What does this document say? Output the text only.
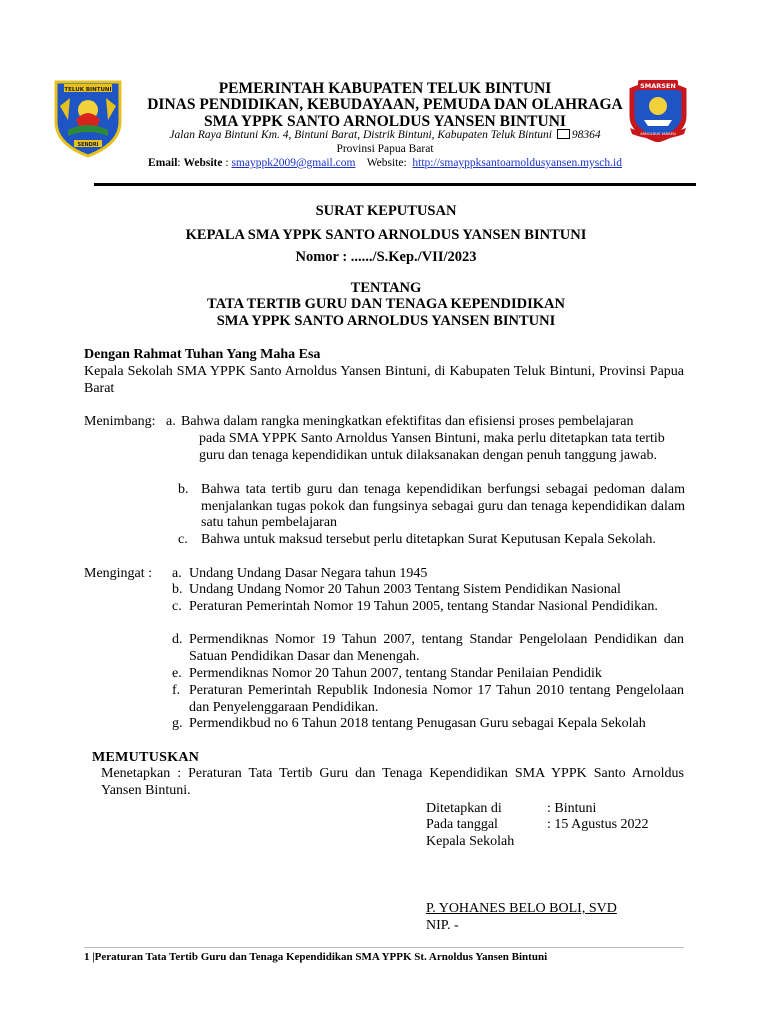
TELUK BINTUNI
SENDRI
SMARSEN
ARNOLDUS YANSEN
PEMERINTAH KABUPATEN TELUK BINTUNI
DINAS PENDIDIKAN, KEBUDAYAAN, PEMUDA DAN OLAHRAGA
SMA YPPK SANTO ARNOLDUS YANSEN BINTUNI
Jalan Raya Bintuni Km. 4, Bintuni Barat, Distrik Bintuni, Kabupaten Teluk Bintuni 98364
Provinsi Papua Barat
Email: Website : smayppk2009@gmail.com Website: http://smayppksantoarnoldusyansen.mysch.id
SURAT KEPUTUSAN
KEPALA SMA YPPK SANTO ARNOLDUS YANSEN BINTUNI
Nomor : ....../S.Kep./VII/2023
TENTANG
TATA TERTIB GURU DAN TENAGA KEPENDIDIKAN
SMA YPPK SANTO ARNOLDUS YANSEN BINTUNI
Dengan Rahmat Tuhan Yang Maha Esa
Kepala Sekolah SMA YPPK Santo Arnoldus Yansen Bintuni, di Kabupaten Teluk Bintuni, Provinsi Papua Barat
Menimbang: a. Bahwa dalam rangka meningkatkan efektifitas dan efisiensi proses pembelajaran
pada SMA YPPK Santo Arnoldus Yansen Bintuni, maka perlu ditetapkan tata tertib guru dan tenaga kependidikan untuk dilaksanakan dengan penuh tanggung jawab.
b. Bahwa tata tertib guru dan tenaga kependidikan berfungsi sebagai pedoman dalam menjalankan tugas pokok dan fungsinya sebagai guru dan tenaga kependidikan dalam satu tahun pembelajaran
c. Bahwa untuk maksud tersebut perlu ditetapkan Surat Keputusan Kepala Sekolah.
Mengingat : a. Undang Undang Dasar Negara tahun 1945
b. Undang Undang Nomor 20 Tahun 2003 Tentang Sistem Pendidikan Nasional
c. Peraturan Pemerintah Nomor 19 Tahun 2005, tentang Standar Nasional Pendidikan.
d. Permendiknas Nomor 19 Tahun 2007, tentang Standar Pengelolaan Pendidikan dan Satuan Pendidikan Dasar dan Menengah.
e. Permendiknas Nomor 20 Tahun 2007, tentang Standar Penilaian Pendidik
f. Peraturan Pemerintah Republik Indonesia Nomor 17 Tahun 2010 tentang Pengelolaan dan Penyelenggaraan Pendidikan.
g. Permendikbud no 6 Tahun 2018 tentang Penugasan Guru sebagai Kepala Sekolah
MEMUTUSKAN
Menetapkan : Peraturan Tata Tertib Guru dan Tenaga Kependidikan SMA YPPK Santo Arnoldus Yansen Bintuni.
Ditetapkan di	: Bintuni
Pada tanggal	: 15 Agustus 2022
Kepala Sekolah
P. YOHANES BELO BOLI, SVD
NIP. -
1 |Peraturan Tata Tertib Guru dan Tenaga Kependidikan SMA YPPK St. Arnoldus Yansen Bintuni
